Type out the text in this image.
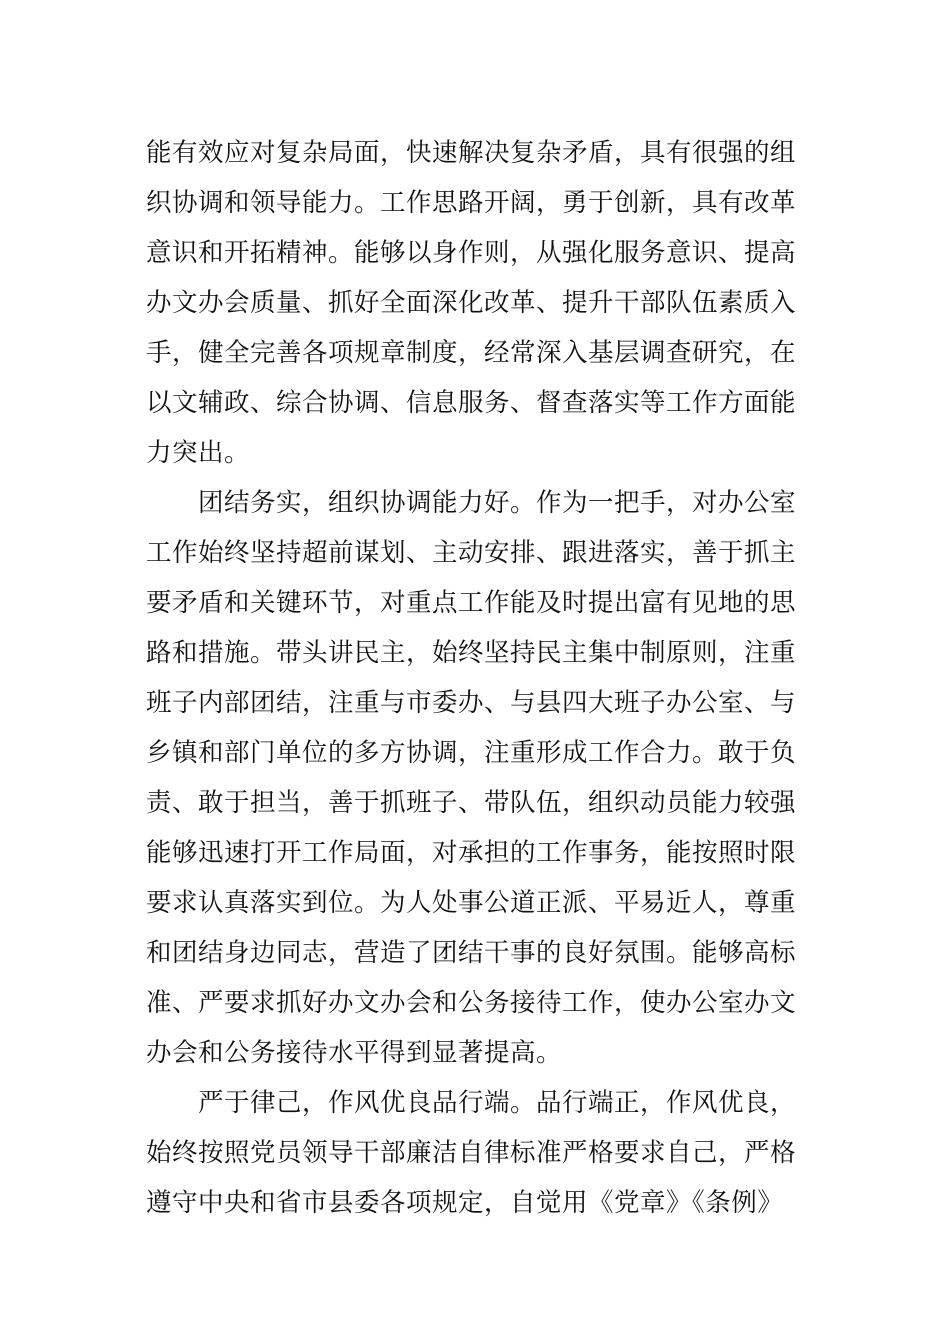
能有效应对复杂局面，快速解决复杂矛盾，具有很强的组
织协调和领导能力。工作思路开阔，勇于创新，具有改革
意识和开拓精神。能够以身作则，从强化服务意识、提高
办文办会质量、抓好全面深化改革、提升干部队伍素质入
手，健全完善各项规章制度，经常深入基层调查研究，在
以文辅政、综合协调、信息服务、督查落实等工作方面能
力突出。
团结务实，组织协调能力好。作为一把手，对办公室
工作始终坚持超前谋划、主动安排、跟进落实，善于抓主
要矛盾和关键环节，对重点工作能及时提出富有见地的思
路和措施。带头讲民主，始终坚持民主集中制原则，注重
班子内部团结，注重与市委办、与县四大班子办公室、与
乡镇和部门单位的多方协调，注重形成工作合力。敢于负
责、敢于担当，善于抓班子、带队伍，组织动员能力较强
能够迅速打开工作局面，对承担的工作事务，能按照时限
要求认真落实到位。为人处事公道正派、平易近人，尊重
和团结身边同志，营造了团结干事的良好氛围。能够高标
准、严要求抓好办文办会和公务接待工作，使办公室办文
办会和公务接待水平得到显著提高。
严于律己，作风优良品行端。品行端正，作风优良，
始终按照党员领导干部廉洁自律标准严格要求自己，严格
遵守中央和省市县委各项规定，自觉用《党章》《条例》
